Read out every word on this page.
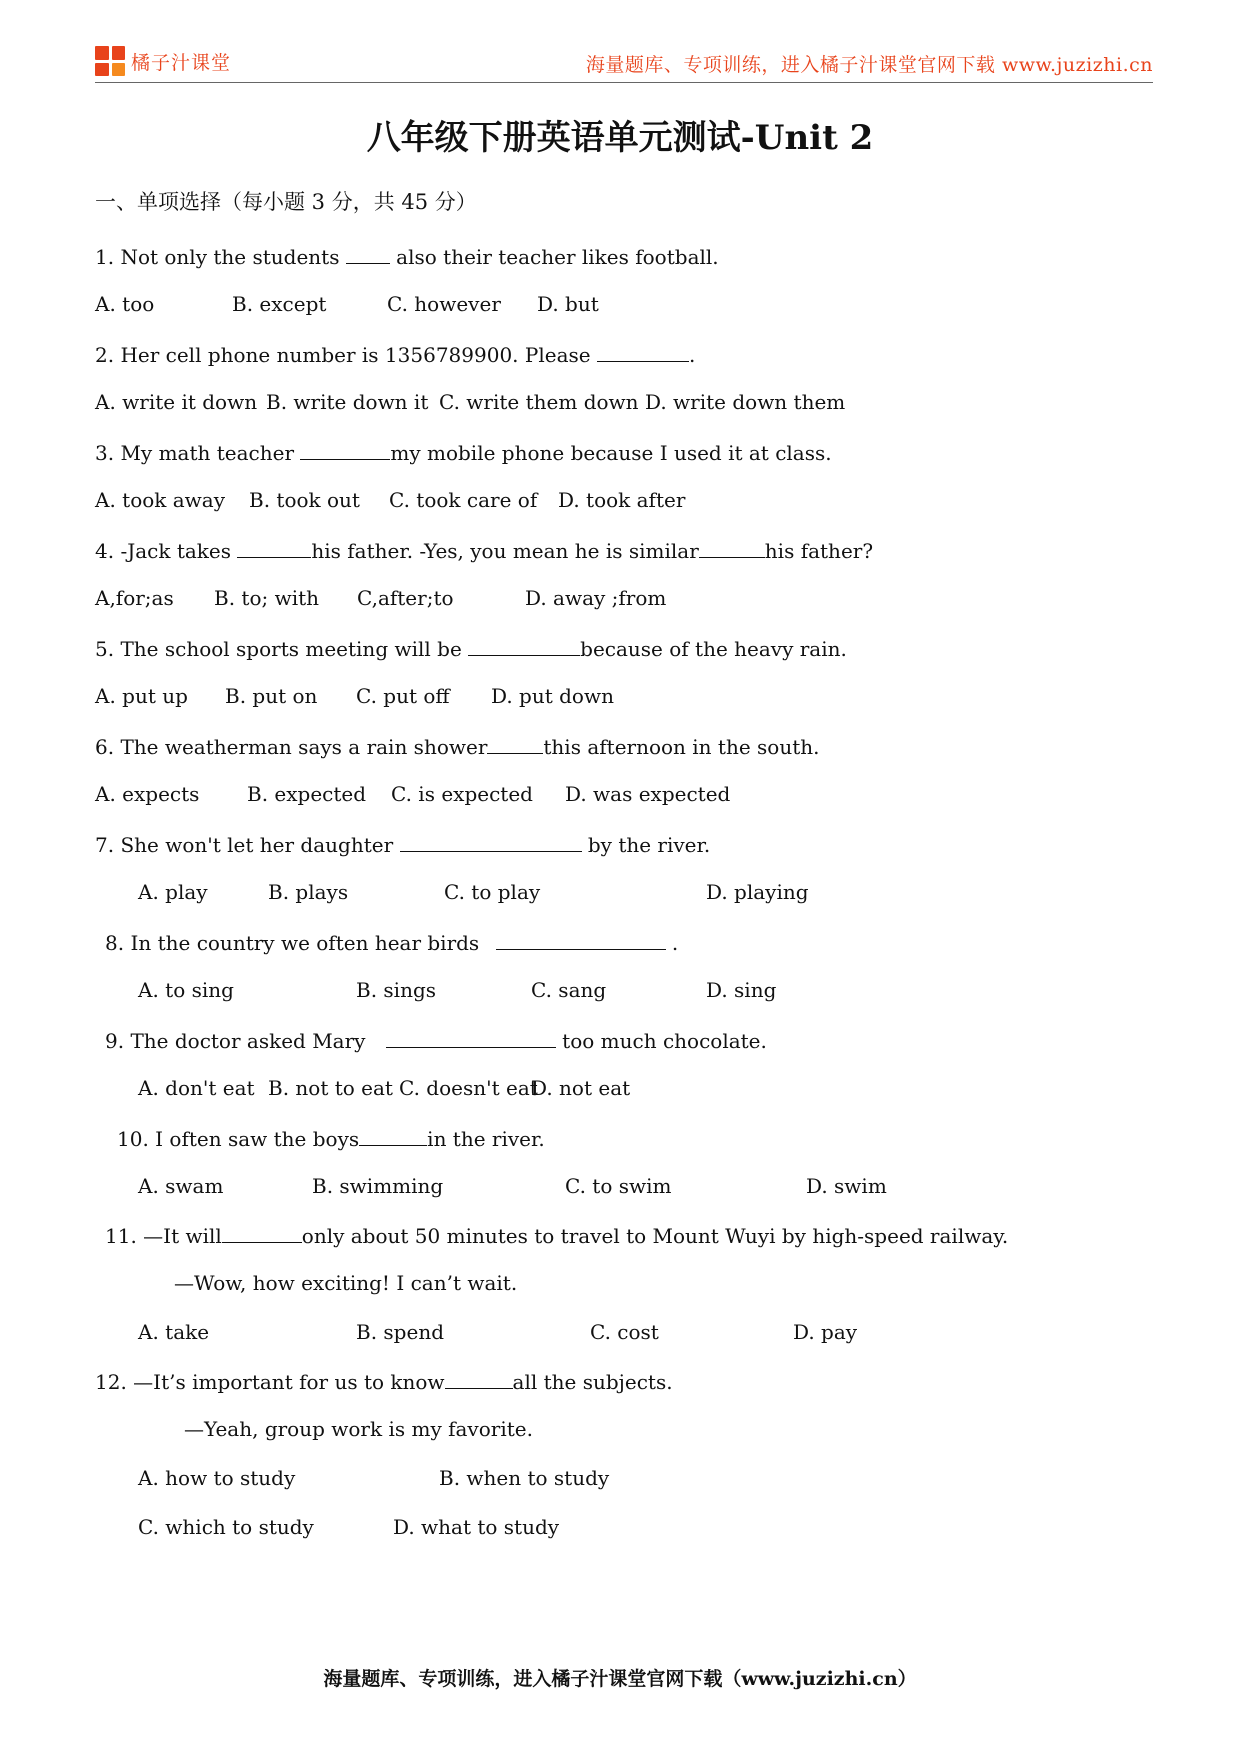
橘子汁课堂	海量题库、专项训练，进入橘子汁课堂官网下载 www.juzizhi.cn
八年级下册英语单元测试-Unit 2
一、单项选择（每小题 3 分，共 45 分）
1. Not only the students  also their teacher likes football.
A. too	B. except	C. however D. but
2. Her cell phone number is 1356789900. Please	.
A. write it down B. write down it C. write them down D. write down them
3. My math teacher	my mobile phone because I used it at class.
A. took away B. took out C. took care of D. took after
4. -Jack takes	his father. -Yes, you mean he is similar	his father?
A,for;as B. to; with C,after;to	D. away ;from
5. The school sports meeting will be	because of the heavy rain.
A. put up B. put on C. put off D. put down
6. The weatherman says a rain shower	this afternoon in the south.
A. expects B. expected C. is expected D. was expected
7. She won't let her daughter	by the river.
A. play	B. plays	C. to play	D. playing
8. In the country we often hear birds	.
A. to sing	B. sings	C. sang	D. sing
9. The doctor asked Mary	too much chocolate.
A. don't eat B. not to eat C. doesn't eat
D. not eat
10. I often saw the boys	in the river.
A. swam	B. swimming	C. to swim	D. swim
11. —It will	only about 50 minutes to travel to Mount Wuyi by high-speed railway.
—Wow, how exciting! I can’t wait.
A. take	B. spend	C. cost	D. pay
12. —It’s important for us to know	all the subjects.
—Yeah, group work is my favorite.
A. how to study	B. when to study
C. which to study	D. what to study
海量题库、专项训练，进入橘子汁课堂官网下载（www.juzizhi.cn）
